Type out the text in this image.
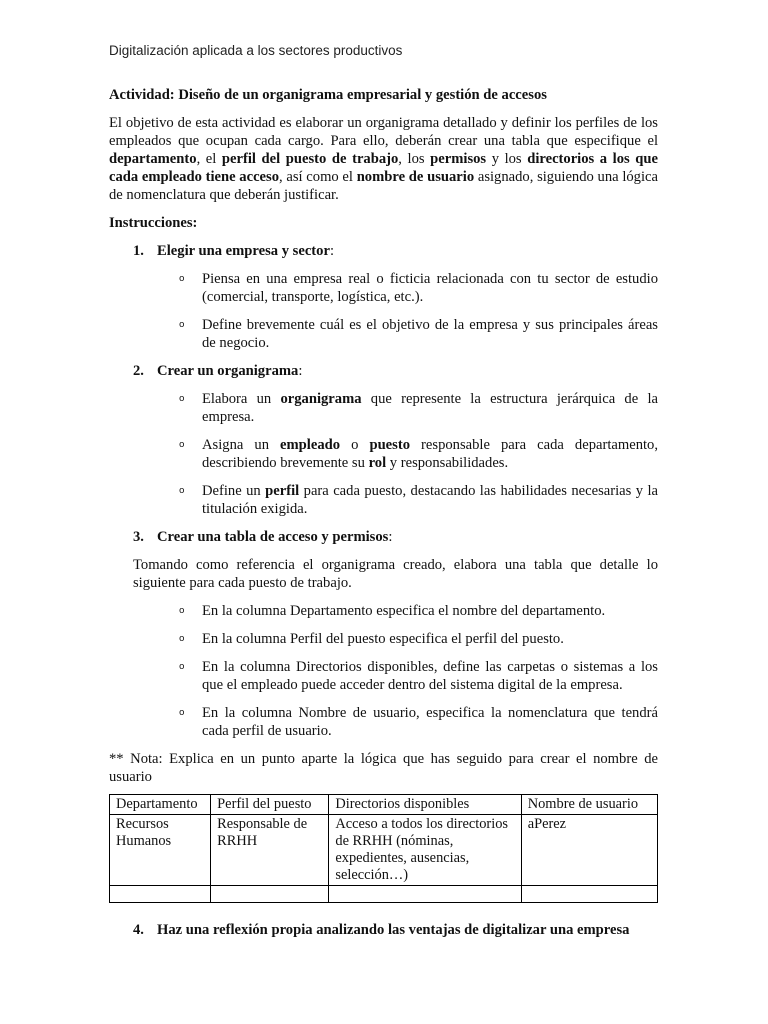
Digitalización aplicada a los sectores productivos

Actividad: Diseño de un organigrama empresarial y gestión de accesos

El objetivo de esta actividad es elaborar un organigrama detallado y definir los perfiles de los empleados que ocupan cada cargo. Para ello, deberán crear una tabla que especifique el departamento, el perfil del puesto de trabajo, los permisos y los directorios a los que cada empleado tiene acceso, así como el nombre de usuario asignado, siguiendo una lógica de nomenclatura que deberán justificar.

Instrucciones:

1. Elegir una empresa y sector:
o	Piensa en una empresa real o ficticia relacionada con tu sector de estudio (comercial, transporte, logística, etc.).
o	Define brevemente cuál es el objetivo de la empresa y sus principales áreas de negocio.
2. Crear un organigrama:
o	Elabora un organigrama que represente la estructura jerárquica de la empresa.
o	Asigna un empleado o puesto responsable para cada departamento, describiendo brevemente su rol y responsabilidades.
o	Define un perfil para cada puesto, destacando las habilidades necesarias y la titulación exigida.
3. Crear una tabla de acceso y permisos:

Tomando como referencia el organigrama creado, elabora una tabla que detalle lo siguiente para cada puesto de trabajo.

o	En la columna Departamento especifica el nombre del departamento.
o	En la columna Perfil del puesto especifica el perfil del puesto.
o	En la columna Directorios disponibles, define las carpetas o sistemas a los que el empleado puede acceder dentro del sistema digital de la empresa.
o	En la columna Nombre de usuario, especifica la nomenclatura que tendrá cada perfil de usuario.

** Nota: Explica en un punto aparte la lógica que has seguido para crear el nombre de usuario

Departamento	Perfil del puesto	Directorios disponibles	Nombre de usuario
Recursos Humanos	Responsable de RRHH	Acceso a todos los directorios de RRHH (nóminas, expedientes, ausencias, selección…)	aPerez

4. Haz una reflexión propia analizando las ventajas de digitalizar una empresa
